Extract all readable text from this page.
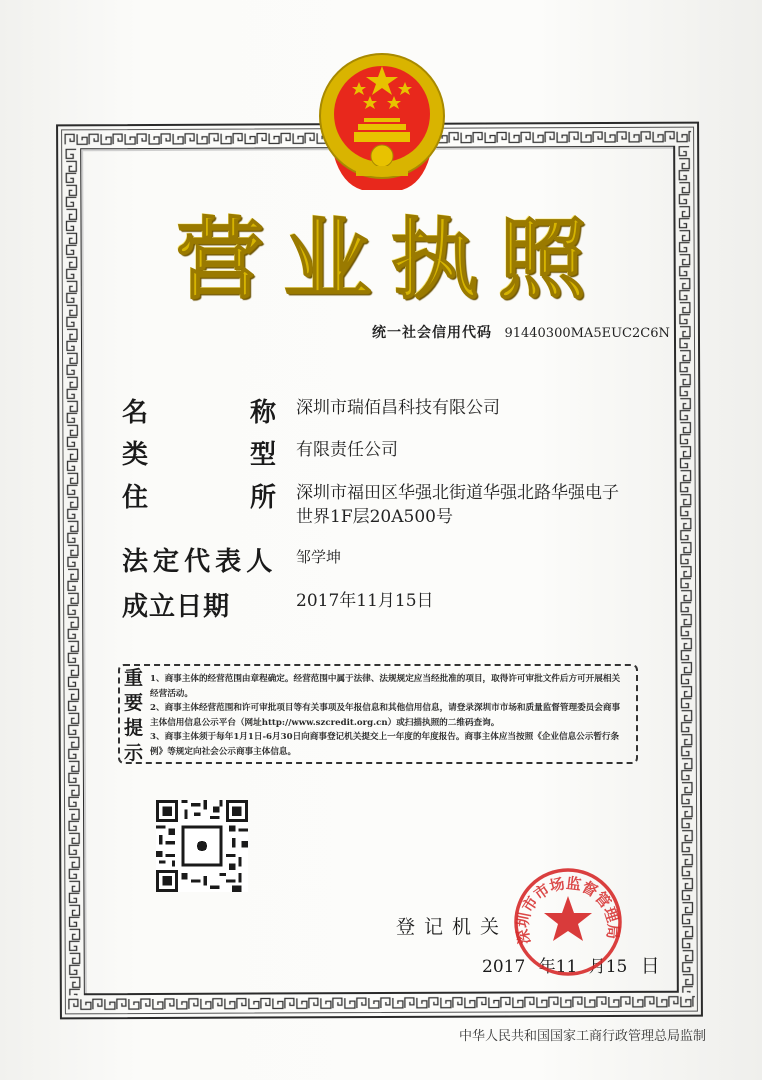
营 业 执 照
统一社会信用代码 91440300MA5EUC2C6N
名	称 深圳市瑞佰昌科技有限公司
类	型 有限责任公司
住	所 深圳市福田区华强北街道华强北路华强电子
世界1F层20A500号
法 定 代 表 人 邹学坤
成 立 日 期	2017年11月15日
重
要
提
示

1、商事主体的经营范围由章程确定。经营范围中属于法律、法规规定应当经批准的项目，取得许可审批文件后方可开展相关经营活动。

2、商事主体经营范围和许可审批项目等有关事项及年报信息和其他信用信息，请登录深圳市市场和质量监督管理委员会商事主体信用信息公示平台（网址http://www.szcredit.org.cn）或扫描执照的二维码查询。

3、商事主体须于每年1月1日-6月30日向商事登记机关提交上一年度的年度报告。商事主体应当按照《企业信息公示暂行条例》等规定向社会公示商事主体信息。

登记机关
2017 年11 月15 日
深圳市市场监督管理局
中华人民共和国国家工商行政管理总局监制
